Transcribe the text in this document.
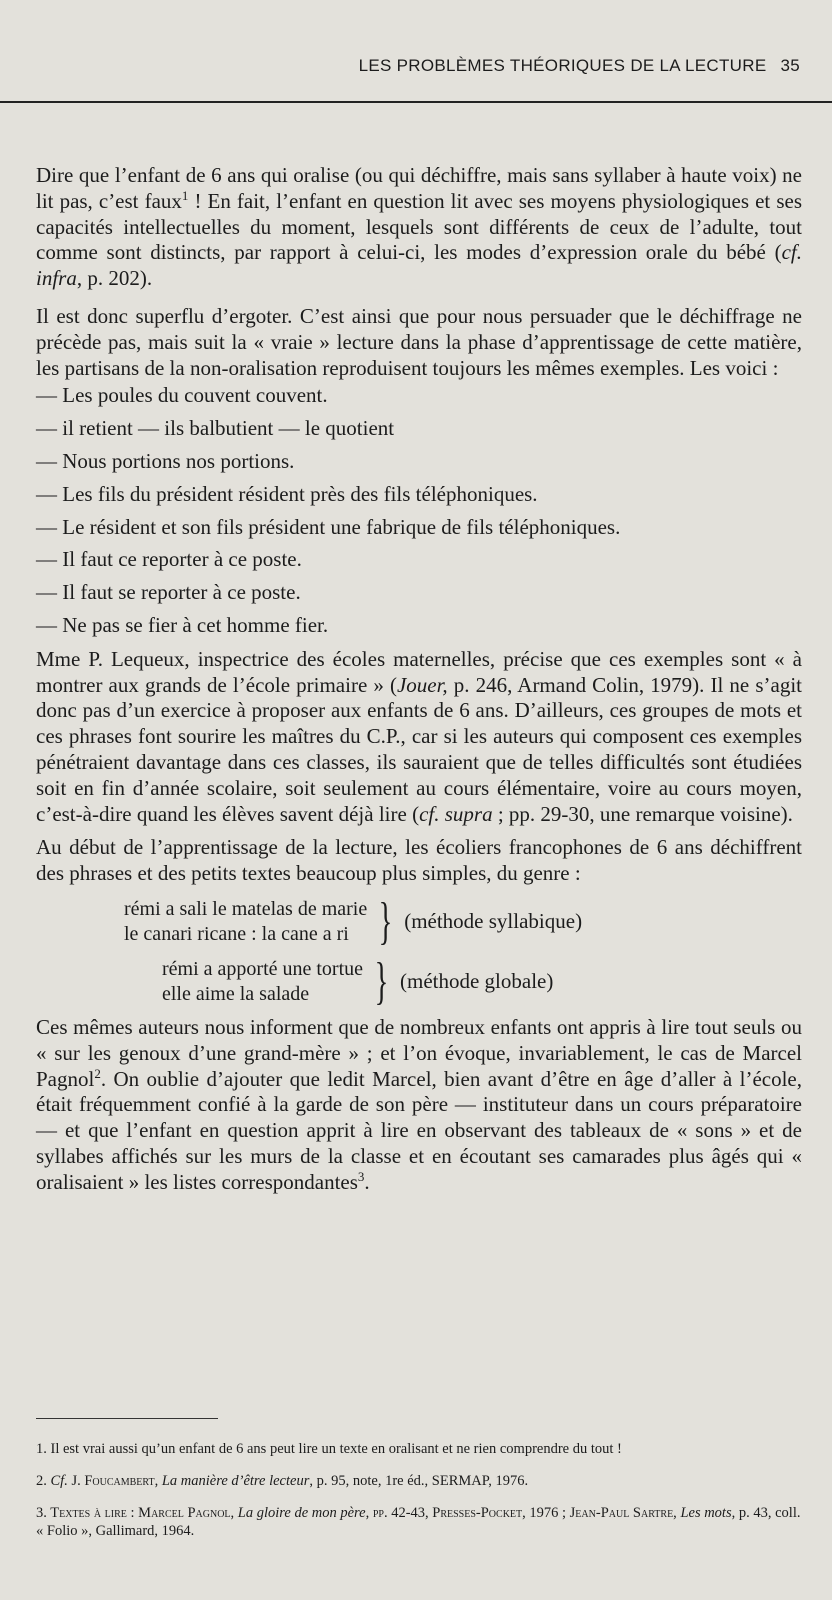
LES PROBLÈMES THÉORIQUES DE LA LECTURE 35

Dire que l’enfant de 6 ans qui oralise (ou qui déchiffre, mais sans syllaber à haute voix) ne lit pas, c’est faux$^1$ ! En fait, l’enfant en question lit avec ses moyens physiologiques et ses capacités intellectuelles du moment, lesquels sont différents de ceux de l’adulte, tout comme sont distincts, par rapport à celui-ci, les modes d’expression orale du bébé (cf. infra, p. 202).

Il est donc superflu d’ergoter. C’est ainsi que pour nous persuader que le déchiffrage ne précède pas, mais suit la « vraie » lecture dans la phase d’apprentissage de cette matière, les partisans de la non-oralisation reproduisent toujours les mêmes exemples. Les voici :

— Les poules du couvent couvent.
— il retient — ils balbutient — le quotient
— Nous portions nos portions.
— Les fils du président résident près des fils téléphoniques.
— Le résident et son fils président une fabrique de fils téléphoniques.
— Il faut ce reporter à ce poste.
— Il faut se reporter à ce poste.
— Ne pas se fier à cet homme fier.

Mme P. Lequeux, inspectrice des écoles maternelles, précise que ces exemples sont « à montrer aux grands de l’école primaire » (Jouer, p. 246, Armand Colin, 1979). Il ne s’agit donc pas d’un exercice à proposer aux enfants de 6 ans. D’ailleurs, ces groupes de mots et ces phrases font sourire les maîtres du C.P., car si les auteurs qui composent ces exemples pénétraient davantage dans ces classes, ils sauraient que de telles difficultés sont étudiées soit en fin d’année scolaire, soit seulement au cours élémentaire, voire au cours moyen, c’est-à-dire quand les élèves savent déjà lire (cf. supra ; pp. 29-30, une remarque voisine).

Au début de l’apprentissage de la lecture, les écoliers francophones de 6 ans déchiffrent des phrases et des petits textes beaucoup plus simples, du genre :

rémi a sali le matelas de marie
le canari ricane : la cane a ri } (méthode syllabique)
rémi a apporté une tortue
elle aime la salade	} (méthode globale)

Ces mêmes auteurs nous informent que de nombreux enfants ont appris à lire tout seuls ou « sur les genoux d’une grand-mère » ; et l’on évoque, invariablement, le cas de Marcel Pagnol$^2$. On oublie d’ajouter que ledit Marcel, bien avant d’être en âge d’aller à l’école, était fréquemment confié à la garde de son père — instituteur dans un cours préparatoire — et que l’enfant en question apprit à lire en observant des tableaux de « sons » et de syllabes affichés sur les murs de la classe et en écoutant ses camarades plus âgés qui « oralisaient » les listes correspondantes$^3$.

1. Il est vrai aussi qu’un enfant de 6 ans peut lire un texte en oralisant et ne rien comprendre du tout !

2. Cf. J. Foucambert, La manière d’être lecteur, p. 95, note, 1re éd., SERMAP, 1976.

3. Textes à lire : Marcel Pagnol, La gloire de mon père, pp. 42-43, Presses-Pocket, 1976 ; Jean-Paul Sartre, Les mots, p. 43, coll. « Folio », Gallimard, 1964.
